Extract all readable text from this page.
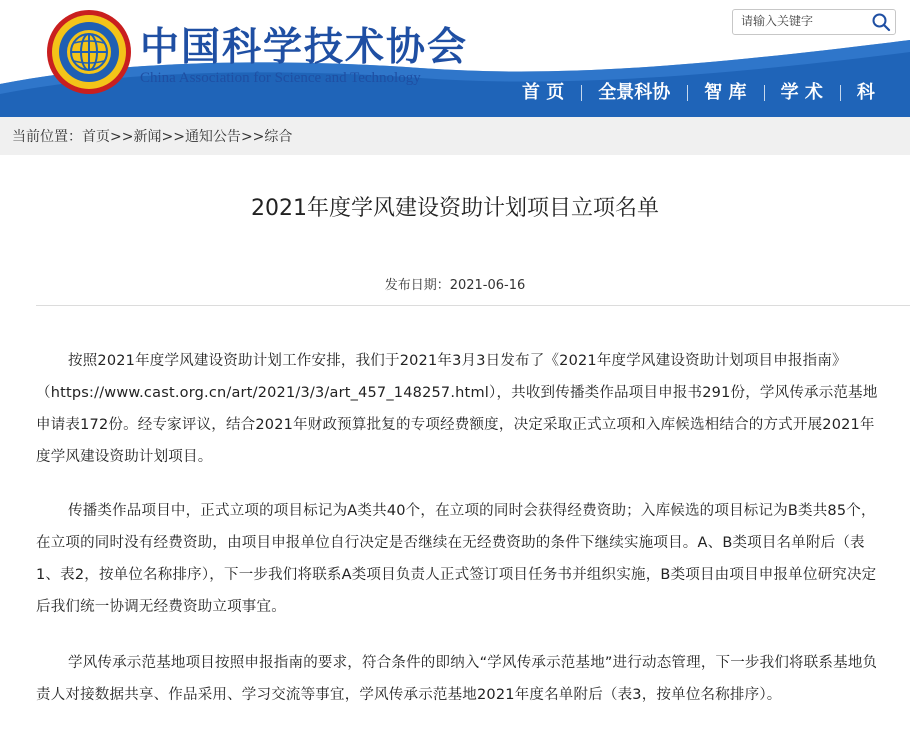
中国科学技术协会
China Association for Science and Technology
请输入关键字
首 页	全景科协	智 库	学 术	科
当前位置：首页>>新闻>>通知公告>>综合
2021年度学风建设资助计划项目立项名单
发布日期：2021-06-16
按照2021年度学风建设资助计划工作安排，我们于2021年3月3日发布了《2021年度学风建设资助计划项目申报指南》（https://www.cast.org.cn/art/2021/3/3/art_457_148257.html），共收到传播类作品项目申报书291份，学风传承示范基地申请表172份。经专家评议，结合2021年财政预算批复的专项经费额度，决定采取正式立项和入库候选相结合的方式开展2021年度学风建设资助计划项目。
传播类作品项目中，正式立项的项目标记为A类共40个，在立项的同时会获得经费资助；入库候选的项目标记为B类共85个，在立项的同时没有经费资助，由项目申报单位自行决定是否继续在无经费资助的条件下继续实施项目。A、B类项目名单附后（表1、表2，按单位名称排序），下一步我们将联系A类项目负责人正式签订项目任务书并组织实施，B类项目由项目申报单位研究决定后我们统一协调无经费资助立项事宜。
学风传承示范基地项目按照申报指南的要求，符合条件的即纳入“学风传承示范基地”进行动态管理，下一步我们将联系基地负责人对接数据共享、作品采用、学习交流等事宜，学风传承示范基地2021年度名单附后（表3，按单位名称排序）。
